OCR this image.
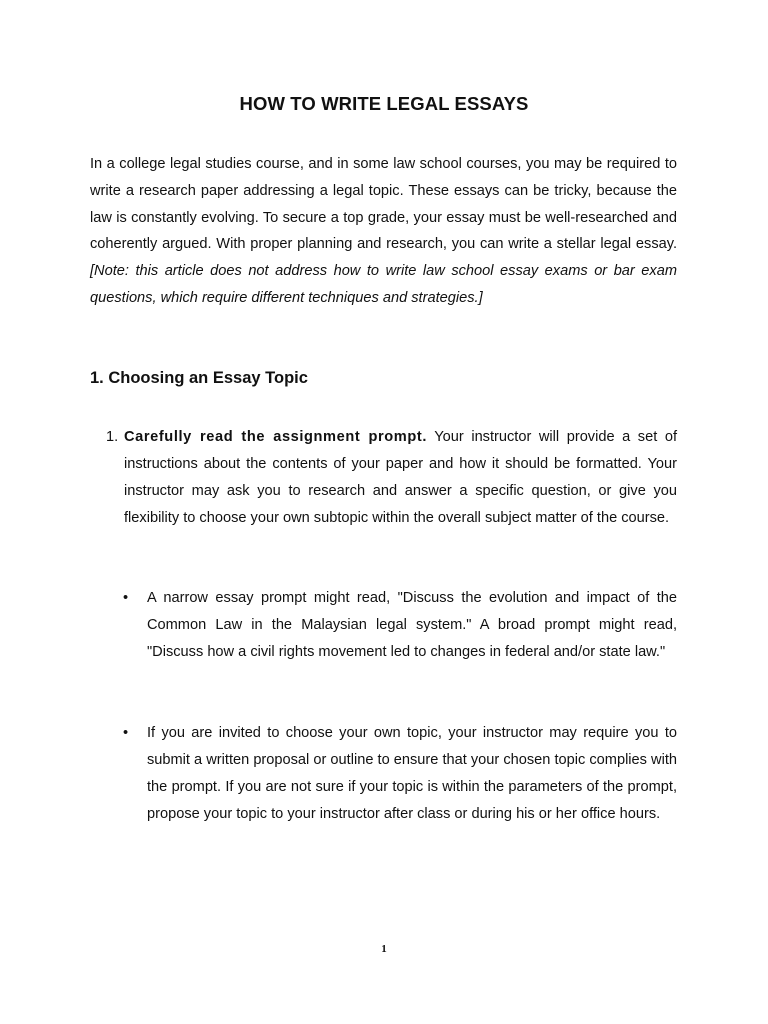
HOW TO WRITE LEGAL ESSAYS
In a college legal studies course, and in some law school courses, you may be required to write a research paper addressing a legal topic. These essays can be tricky, because the law is constantly evolving. To secure a top grade, your essay must be well-researched and coherently argued. With proper planning and research, you can write a stellar legal essay. [Note: this article does not address how to write law school essay exams or bar exam questions, which require different techniques and strategies.]
1. Choosing an Essay Topic
1. Carefully read the assignment prompt. Your instructor will provide a set of instructions about the contents of your paper and how it should be formatted. Your instructor may ask you to research and answer a specific question, or give you flexibility to choose your own subtopic within the overall subject matter of the course.
• A narrow essay prompt might read, "Discuss the evolution and impact of the Common Law in the Malaysian legal system." A broad prompt might read, "Discuss how a civil rights movement led to changes in federal and/or state law."
• If you are invited to choose your own topic, your instructor may require you to submit a written proposal or outline to ensure that your chosen topic complies with the prompt. If you are not sure if your topic is within the parameters of the prompt, propose your topic to your instructor after class or during his or her office hours.
1
